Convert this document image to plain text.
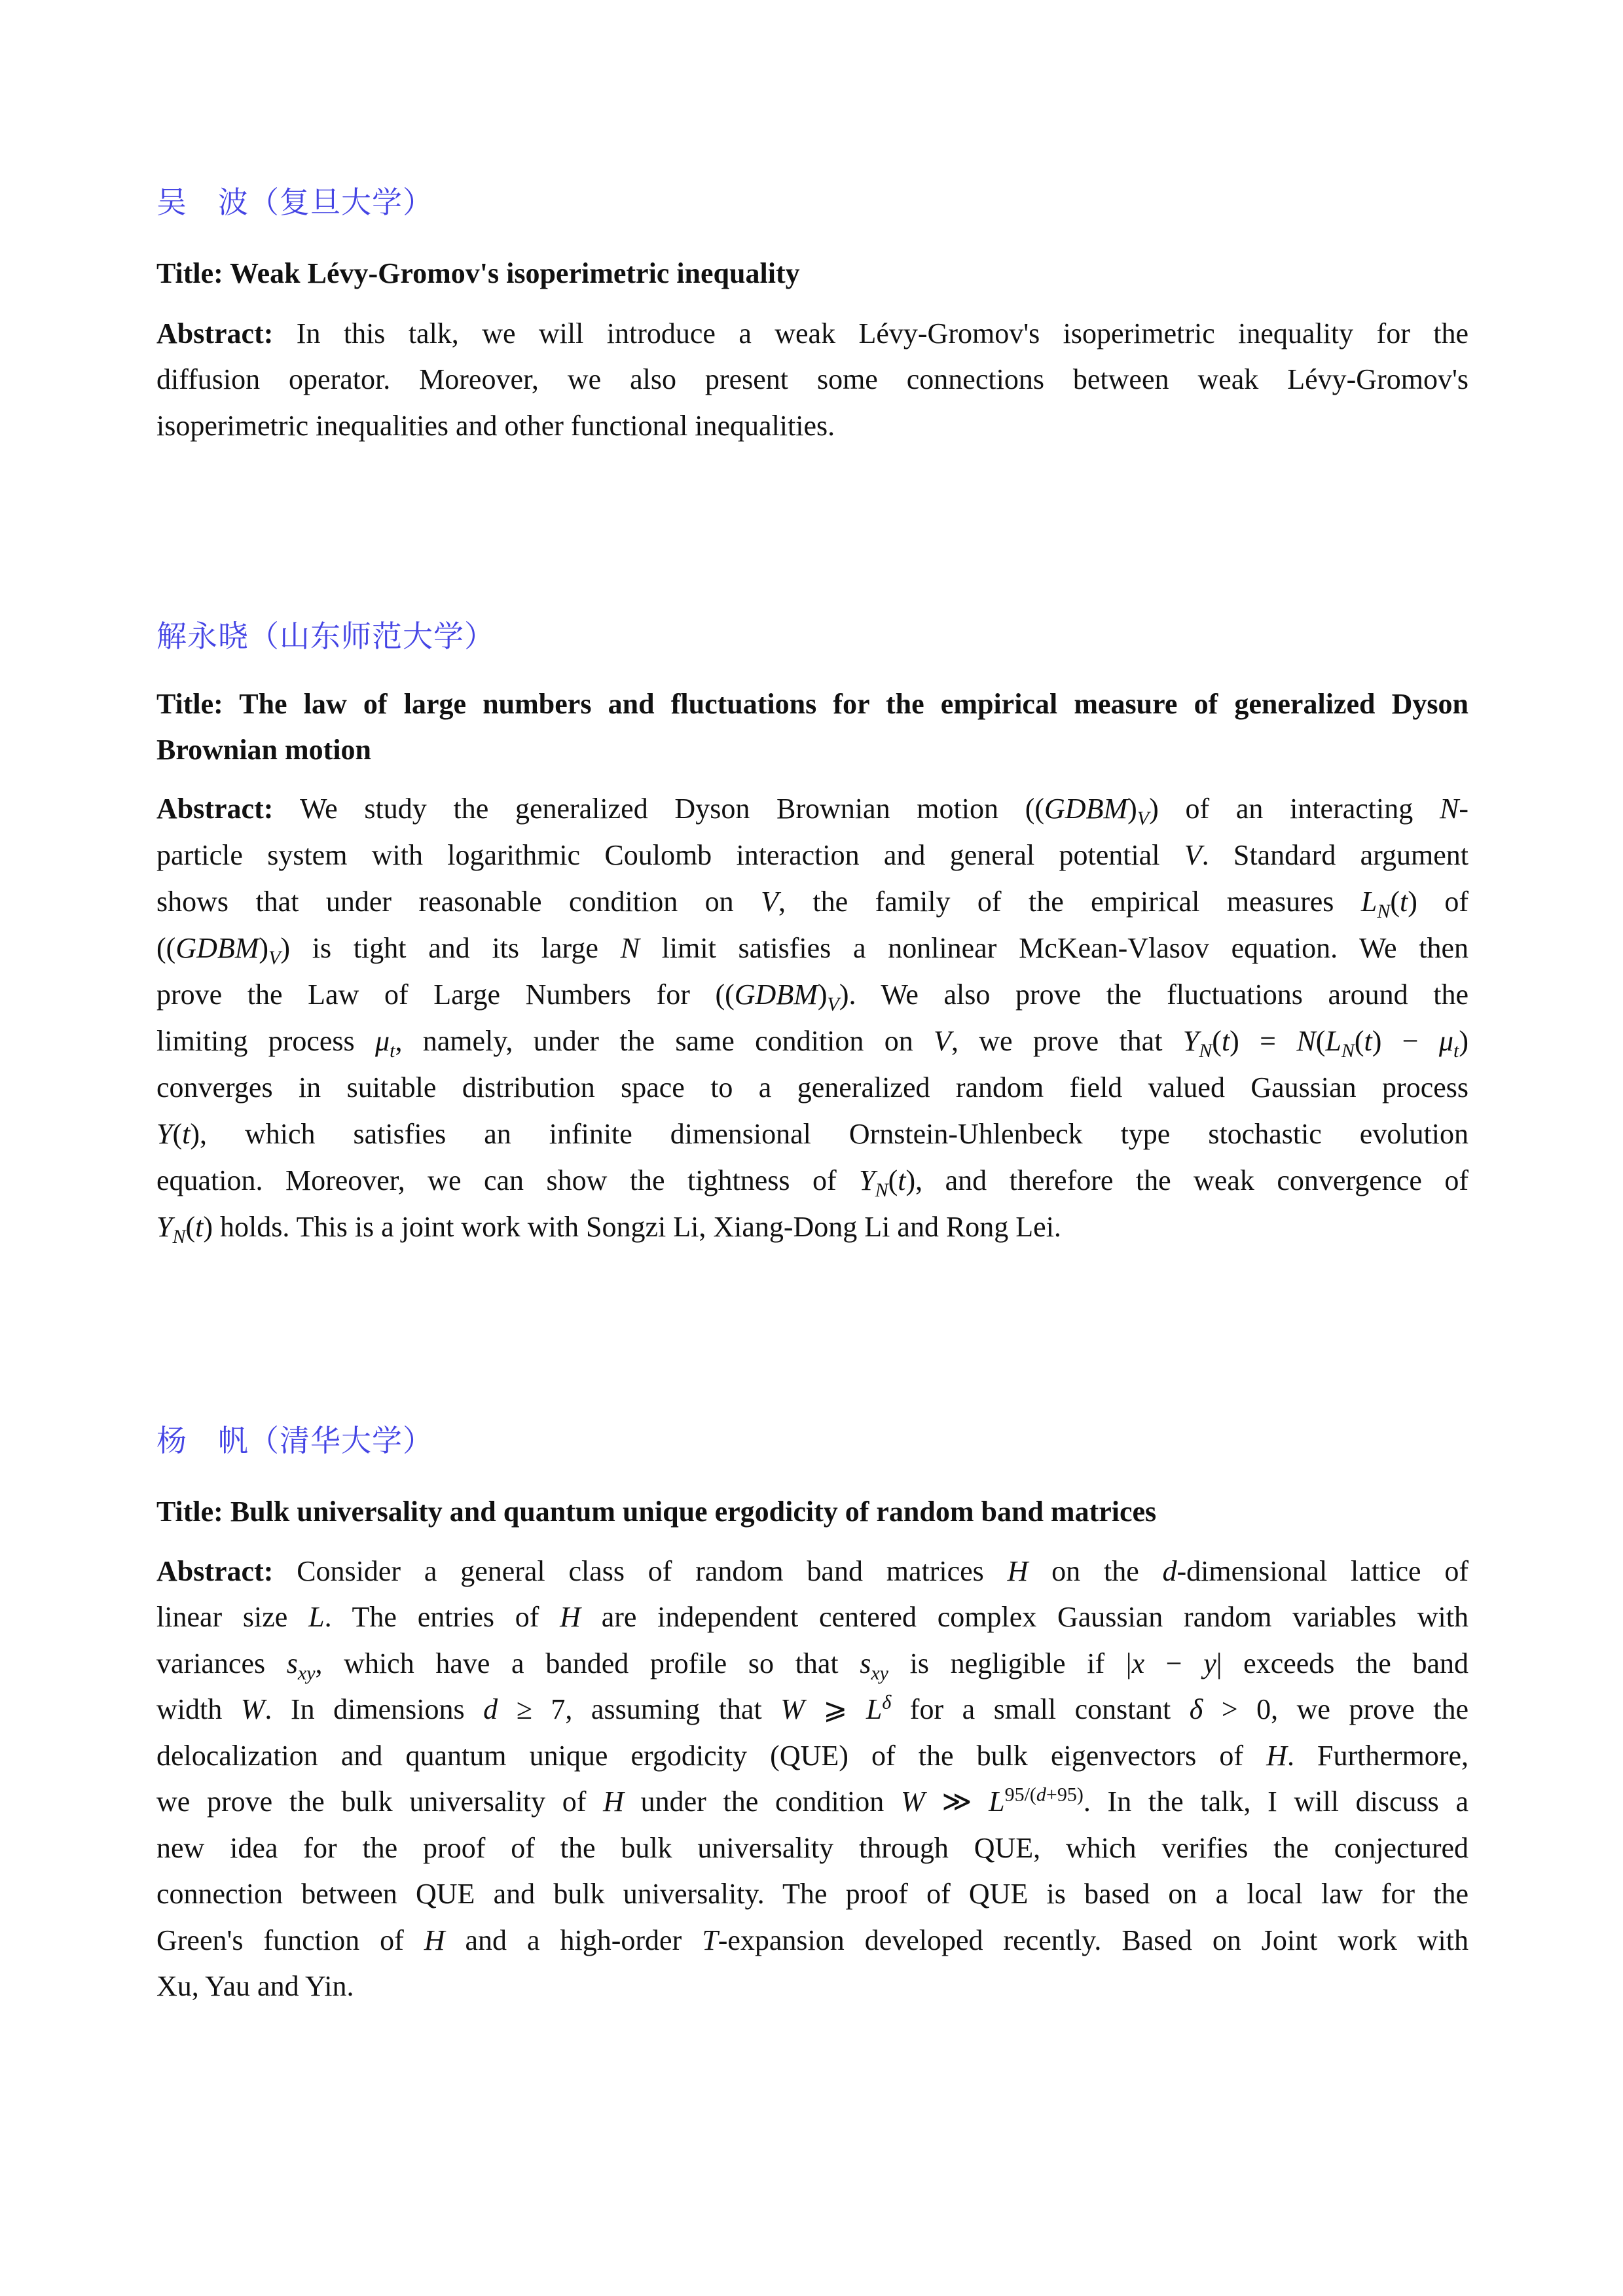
吴　波（复旦大学）
Title: Weak Lévy-Gromov's isoperimetric inequality
Abstract: In this talk, we will introduce a weak Lévy-Gromov's isoperimetric inequality for the
diffusion operator. Moreover, we also present some connections between weak Lévy-Gromov's
isoperimetric inequalities and other functional inequalities.
解永晓（山东师范大学）
Title: The law of large numbers and fluctuations for the empirical measure of generalized Dyson
Brownian motion
Abstract: We study the generalized Dyson Brownian motion $((GDBM)_V)$ of an interacting N-
particle system with logarithmic Coulomb interaction and general potential V. Standard argument
shows that under reasonable condition on V, the family of the empirical measures $L_N(t)$ of
$((GDBM)_V)$ is tight and its large N limit satisfies a nonlinear McKean-Vlasov equation. We then
prove the Law of Large Numbers for $((GDBM)_V)$. We also prove the fluctuations around the
limiting process $\mu_t$, namely, under the same condition on V, we prove that $Y_N(t) = N(L_N(t) - \mu_t)$
converges in suitable distribution space to a generalized random field valued Gaussian process
Y(t), which satisfies an infinite dimensional Ornstein-Uhlenbeck type stochastic evolution
equation. Moreover, we can show the tightness of $Y_N(t)$, and therefore the weak convergence of
$Y_N(t)$ holds. This is a joint work with Songzi Li, Xiang-Dong Li and Rong Lei.
杨　帆（清华大学）
Title: Bulk universality and quantum unique ergodicity of random band matrices
Abstract: Consider a general class of random band matrices H on the d-dimensional lattice of
linear size L. The entries of H are independent centered complex Gaussian random variables with
variances $s_{xy}$, which have a banded profile so that $s_{xy}$ is negligible if |x − y| exceeds the band
width W. In dimensions d ≥ 7, assuming that W ⩾ $L^\delta$ for a small constant δ > 0, we prove the
delocalization and quantum unique ergodicity (QUE) of the bulk eigenvectors of H. Furthermore,
we prove the bulk universality of H under the condition W ≫ $L^{95/(d+95)}$. In the talk, I will discuss a
new idea for the proof of the bulk universality through QUE, which verifies the conjectured
connection between QUE and bulk universality. The proof of QUE is based on a local law for the
Green's function of H and a high-order T-expansion developed recently. Based on Joint work with
Xu, Yau and Yin.
